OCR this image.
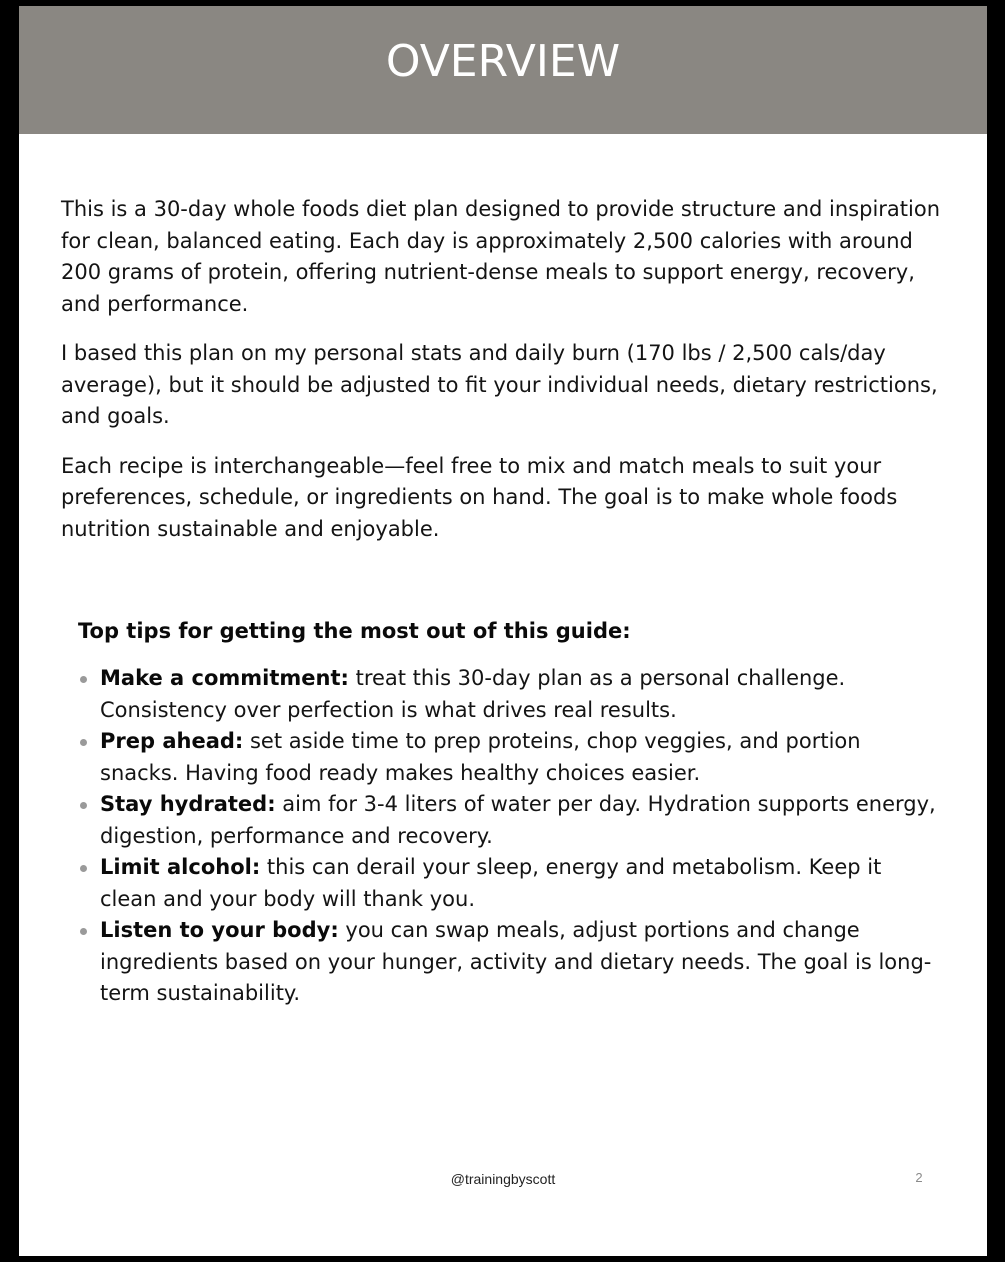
OVERVIEW

This is a 30-day whole foods diet plan designed to provide structure and inspiration for clean, balanced eating. Each day is approximately 2,500 calories with around 200 grams of protein, offering nutrient-dense meals to support energy, recovery, and performance.

I based this plan on my personal stats and daily burn (170 lbs / 2,500 cals/day average), but it should be adjusted to fit your individual needs, dietary restrictions, and goals.

Each recipe is interchangeable—feel free to mix and match meals to suit your preferences, schedule, or ingredients on hand. The goal is to make whole foods nutrition sustainable and enjoyable.

Top tips for getting the most out of this guide:
Make a commitment: treat this 30-day plan as a personal challenge. Consistency over perfection is what drives real results.
Prep ahead: set aside time to prep proteins, chop veggies, and portion snacks. Having food ready makes healthy choices easier.
Stay hydrated: aim for 3-4 liters of water per day. Hydration supports energy, digestion, performance and recovery.
Limit alcohol: this can derail your sleep, energy and metabolism. Keep it clean and your body will thank you.
Listen to your body: you can swap meals, adjust portions and change ingredients based on your hunger, activity and dietary needs. The goal is long-term sustainability.
@trainingbyscott	2
